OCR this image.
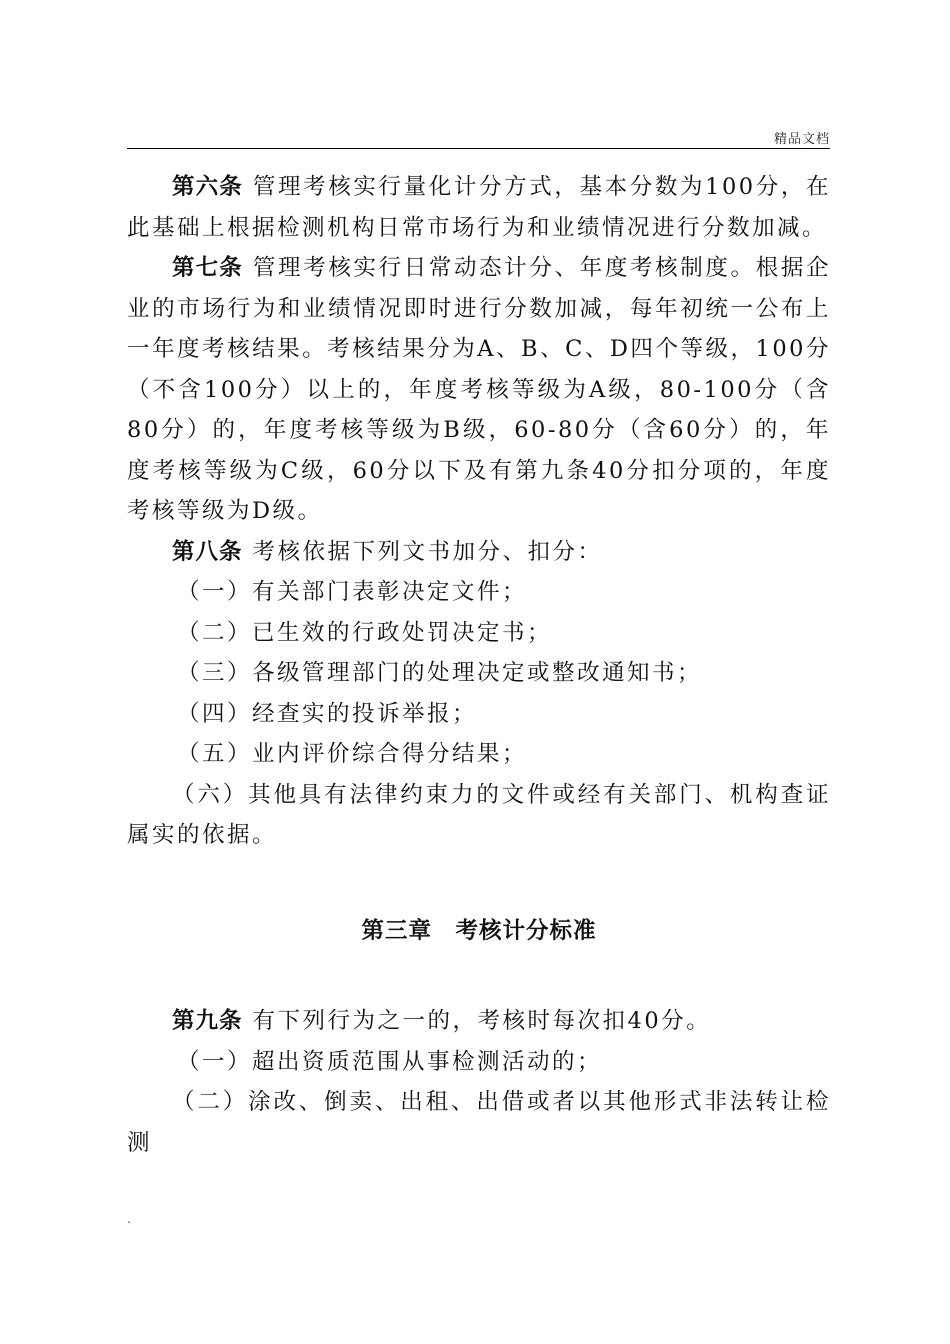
精品文档

第六条 管理考核实行量化计分方式，基本分数为100分，在此基础上根据检测机构日常市场行为和业绩情况进行分数加减。

第七条 管理考核实行日常动态计分、年度考核制度。根据企业的市场行为和业绩情况即时进行分数加减，每年初统一公布上一年度考核结果。考核结果分为A、B、C、D四个等级，100分（不含100分）以上的，年度考核等级为A级，80-100分（含80分）的，年度考核等级为B级，60-80分（含60分）的，年度考核等级为C级，60分以下及有第九条40分扣分项的，年度考核等级为D级。

第八条 考核依据下列文书加分、扣分：

（一）有关部门表彰决定文件；

（二）已生效的行政处罚决定书；

（三）各级管理部门的处理决定或整改通知书；

（四）经查实的投诉举报；

（五）业内评价综合得分结果；

（六）其他具有法律约束力的文件或经有关部门、机构查证属实的依据。

第三章　考核计分标准

第九条 有下列行为之一的，考核时每次扣40分。

（一）超出资质范围从事检测活动的；

（二）涂改、倒卖、出租、出借或者以其他形式非法转让检测

.
